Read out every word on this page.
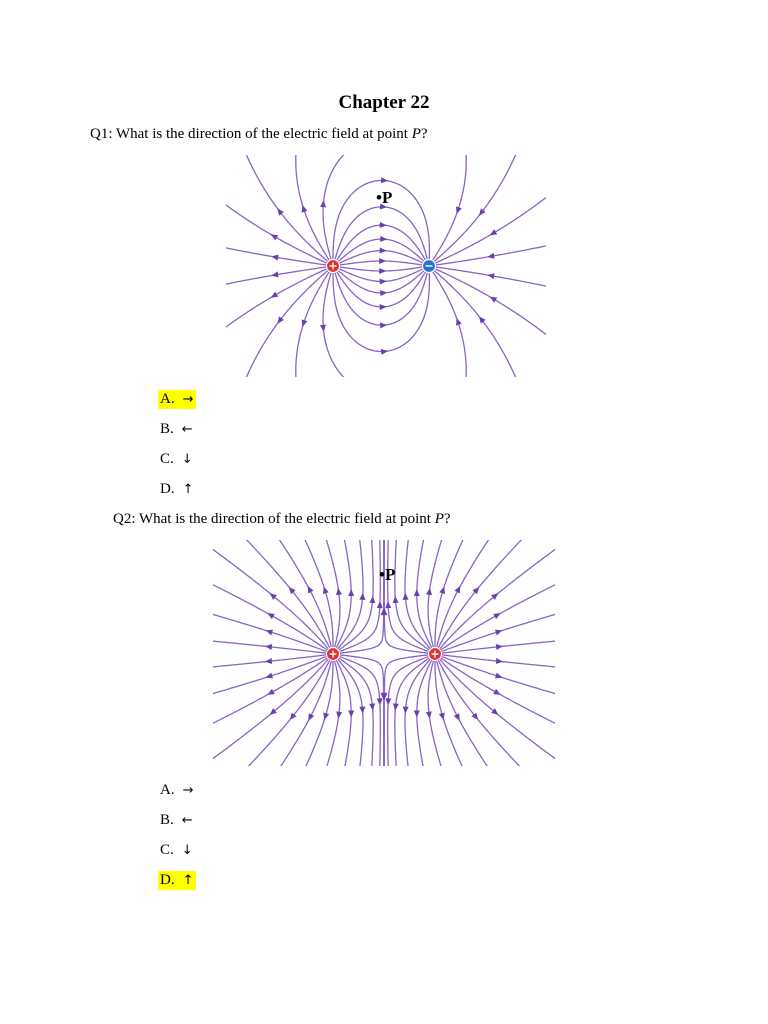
Chapter 22
Q1: What is the direction of the electric field at point P?
•P
A. →
B. ←
C. ↓
D. ↑
Q2: What is the direction of the electric field at point P?
•P
A. →
B. ←
C. ↓
D. ↑
